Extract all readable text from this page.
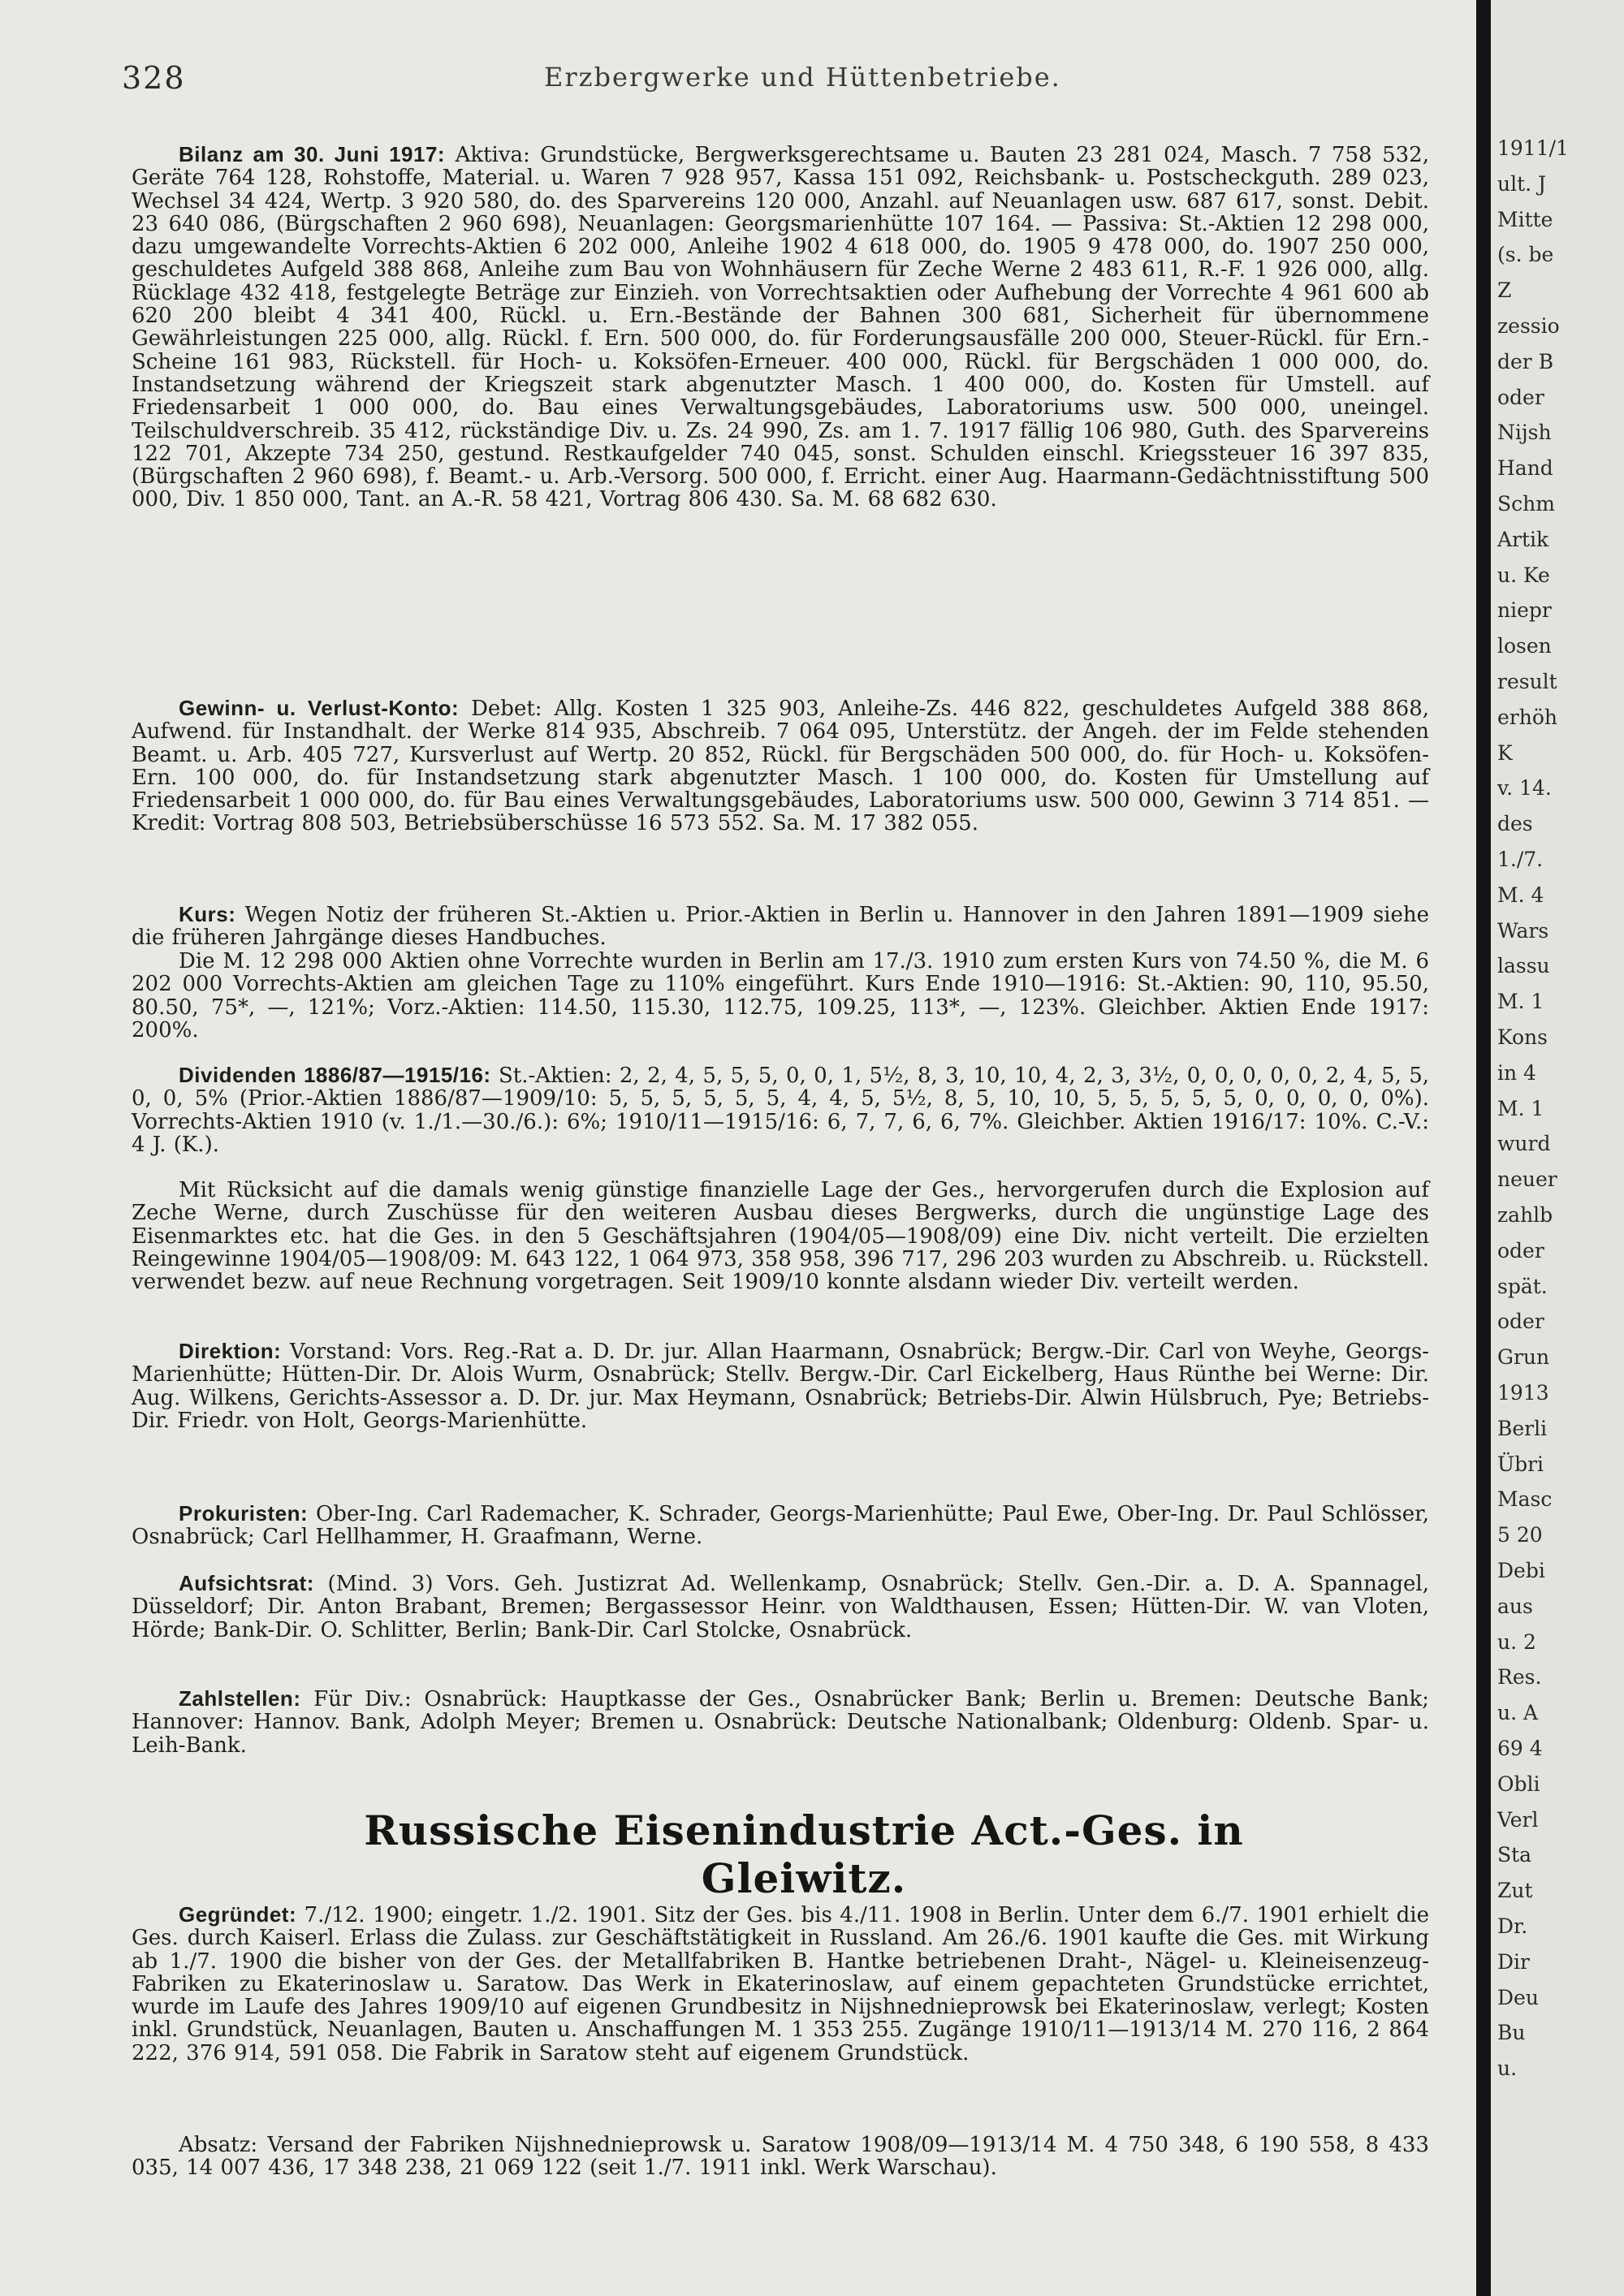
328	Erzbergwerke und Hüttenbetriebe.

Bilanz am 30. Juni 1917: Aktiva: Grundstücke, Bergwerksgerechtsame u. Bauten 23 281 024, Masch. 7 758 532, Geräte 764 128, Rohstoffe, Material. u. Waren 7 928 957, Kassa 151 092, Reichsbank- u. Postscheckguth. 289 023, Wechsel 34 424, Wertp. 3 920 580, do. des Sparvereins 120 000, Anzahl. auf Neuanlagen usw. 687 617, sonst. Debit. 23 640 086, (Bürgschaften 2 960 698), Neuanlagen: Georgsmarienhütte 107 164. — Passiva: St.-Aktien 12 298 000, dazu umgewandelte Vorrechts-Aktien 6 202 000, Anleihe 1902 4 618 000, do. 1905 9 478 000, do. 1907 250 000, geschuldetes Aufgeld 388 868, Anleihe zum Bau von Wohnhäusern für Zeche Werne 2 483 611, R.-F. 1 926 000, allg. Rücklage 432 418, festgelegte Beträge zur Einzieh. von Vorrechtsaktien oder Aufhebung der Vorrechte 4 961 600 ab 620 200 bleibt 4 341 400, Rückl. u. Ern.-Bestände der Bahnen 300 681, Sicherheit für übernommene Gewährleistungen 225 000, allg. Rückl. f. Ern. 500 000, do. für Forderungsausfälle 200 000, Steuer-Rückl. für Ern.-Scheine 161 983, Rückstell. für Hoch- u. Koksöfen-Erneuer. 400 000, Rückl. für Bergschäden 1 000 000, do. Instandsetzung während der Kriegszeit stark abgenutzter Masch. 1 400 000, do. Kosten für Umstell. auf Friedensarbeit 1 000 000, do. Bau eines Verwaltungsgebäudes, Laboratoriums usw. 500 000, uneingel. Teilschuldverschreib. 35 412, rückständige Div. u. Zs. 24 990, Zs. am 1. 7. 1917 fällig 106 980, Guth. des Sparvereins 122 701, Akzepte 734 250, gestund. Restkaufgelder 740 045, sonst. Schulden einschl. Kriegssteuer 16 397 835, (Bürgschaften 2 960 698), f. Beamt.- u. Arb.-Versorg. 500 000, f. Erricht. einer Aug. Haarmann-Gedächtnisstiftung 500 000, Div. 1 850 000, Tant. an A.-R. 58 421, Vortrag 806 430. Sa. M. 68 682 630.

Gewinn- u. Verlust-Konto: Debet: Allg. Kosten 1 325 903, Anleihe-Zs. 446 822, geschuldetes Aufgeld 388 868, Aufwend. für Instandhalt. der Werke 814 935, Abschreib. 7 064 095, Unterstütz. der Angeh. der im Felde stehenden Beamt. u. Arb. 405 727, Kursverlust auf Wertp. 20 852, Rückl. für Bergschäden 500 000, do. für Hoch- u. Koksöfen-Ern. 100 000, do. für Instandsetzung stark abgenutzter Masch. 1 100 000, do. Kosten für Umstellung auf Friedensarbeit 1 000 000, do. für Bau eines Verwaltungsgebäudes, Laboratoriums usw. 500 000, Gewinn 3 714 851. — Kredit: Vortrag 808 503, Betriebsüberschüsse 16 573 552. Sa. M. 17 382 055.

Kurs: Wegen Notiz der früheren St.-Aktien u. Prior.-Aktien in Berlin u. Hannover in den Jahren 1891—1909 siehe die früheren Jahrgänge dieses Handbuches.

Die M. 12 298 000 Aktien ohne Vorrechte wurden in Berlin am 17./3. 1910 zum ersten Kurs von 74.50 %, die M. 6 202 000 Vorrechts-Aktien am gleichen Tage zu 110% eingeführt. Kurs Ende 1910—1916: St.-Aktien: 90, 110, 95.50, 80.50, 75*, —, 121%; Vorz.-Aktien: 114.50, 115.30, 112.75, 109.25, 113*, —, 123%. Gleichber. Aktien Ende 1917: 200%.

Dividenden 1886/87—1915/16: St.-Aktien: 2, 2, 4, 5, 5, 5, 0, 0, 1, 5½, 8, 3, 10, 10, 4, 2, 3, 3½, 0, 0, 0, 0, 0, 2, 4, 5, 5, 0, 0, 5% (Prior.-Aktien 1886/87—1909/10: 5, 5, 5, 5, 5, 5, 4, 4, 5, 5½, 8, 5, 10, 10, 5, 5, 5, 5, 5, 0, 0, 0, 0, 0%). Vorrechts-Aktien 1910 (v. 1./1.—30./6.): 6%; 1910/11—1915/16: 6, 7, 7, 6, 6, 7%. Gleichber. Aktien 1916/17: 10%. C.-V.: 4 J. (K.).

Mit Rücksicht auf die damals wenig günstige finanzielle Lage der Ges., hervorgerufen durch die Explosion auf Zeche Werne, durch Zuschüsse für den weiteren Ausbau dieses Bergwerks, durch die ungünstige Lage des Eisenmarktes etc. hat die Ges. in den 5 Geschäftsjahren (1904/05—1908/09) eine Div. nicht verteilt. Die erzielten Reingewinne 1904/05—1908/09: M. 643 122, 1 064 973, 358 958, 396 717, 296 203 wurden zu Abschreib. u. Rückstell. verwendet bezw. auf neue Rechnung vorgetragen. Seit 1909/10 konnte alsdann wieder Div. verteilt werden.

Direktion: Vorstand: Vors. Reg.-Rat a. D. Dr. jur. Allan Haarmann, Osnabrück; Bergw.-Dir. Carl von Weyhe, Georgs-Marienhütte; Hütten-Dir. Dr. Alois Wurm, Osnabrück; Stellv. Bergw.-Dir. Carl Eickelberg, Haus Rünthe bei Werne: Dir. Aug. Wilkens, Gerichts-Assessor a. D. Dr. jur. Max Heymann, Osnabrück; Betriebs-Dir. Alwin Hülsbruch, Pye; Betriebs-Dir. Friedr. von Holt, Georgs-Marienhütte.

Prokuristen: Ober-Ing. Carl Rademacher, K. Schrader, Georgs-Marienhütte; Paul Ewe, Ober-Ing. Dr. Paul Schlösser, Osnabrück; Carl Hellhammer, H. Graafmann, Werne.

Aufsichtsrat: (Mind. 3) Vors. Geh. Justizrat Ad. Wellenkamp, Osnabrück; Stellv. Gen.-Dir. a. D. A. Spannagel, Düsseldorf; Dir. Anton Brabant, Bremen; Bergassessor Heinr. von Waldthausen, Essen; Hütten-Dir. W. van Vloten, Hörde; Bank-Dir. O. Schlitter, Berlin; Bank-Dir. Carl Stolcke, Osnabrück.

Zahlstellen: Für Div.: Osnabrück: Hauptkasse der Ges., Osnabrücker Bank; Berlin u. Bremen: Deutsche Bank; Hannover: Hannov. Bank, Adolph Meyer; Bremen u. Osnabrück: Deutsche Nationalbank; Oldenburg: Oldenb. Spar- u. Leih-Bank.

Russische Eisenindustrie Act.-Ges. in Gleiwitz.

Gegründet: 7./12. 1900; eingetr. 1./2. 1901. Sitz der Ges. bis 4./11. 1908 in Berlin. Unter dem 6./7. 1901 erhielt die Ges. durch Kaiserl. Erlass die Zulass. zur Geschäftstätigkeit in Russland. Am 26./6. 1901 kaufte die Ges. mit Wirkung ab 1./7. 1900 die bisher von der Ges. der Metallfabriken B. Hantke betriebenen Draht-, Nägel- u. Kleineisenzeug-Fabriken zu Ekaterinoslaw u. Saratow. Das Werk in Ekaterinoslaw, auf einem gepachteten Grundstücke errichtet, wurde im Laufe des Jahres 1909/10 auf eigenen Grundbesitz in Nijshnednieprowsk bei Ekaterinoslaw, verlegt; Kosten inkl. Grundstück, Neuanlagen, Bauten u. Anschaffungen M. 1 353 255. Zugänge 1910/11—1913/14 M. 270 116, 2 864 222, 376 914, 591 058. Die Fabrik in Saratow steht auf eigenem Grundstück.

Absatz: Versand der Fabriken Nijshnednieprowsk u. Saratow 1908/09—1913/14 M. 4 750 348, 6 190 558, 8 433 035, 14 007 436, 17 348 238, 21 069 122 (seit 1./7. 1911 inkl. Werk Warschau).

1911/1
ult. J
Mitte
(s. be
Z
zessio
der B
oder
Nijsh
Hand
Schm
Artik
u. Ke
niepr
losen
result
erhöh
K
v. 14.
des
1./7.
M. 4
Wars
lassu
M. 1
Kons
in 4
M. 1
wurd
neuer
zahlb
oder
spät.
oder
Grun
1913
Berli
Übri
Masc
5 20
Debi
aus
u. 2
Res.
u. A
69 4
Obli
Verl
Sta
Zut
Dr.
Dir
Deu
Bu
u.
